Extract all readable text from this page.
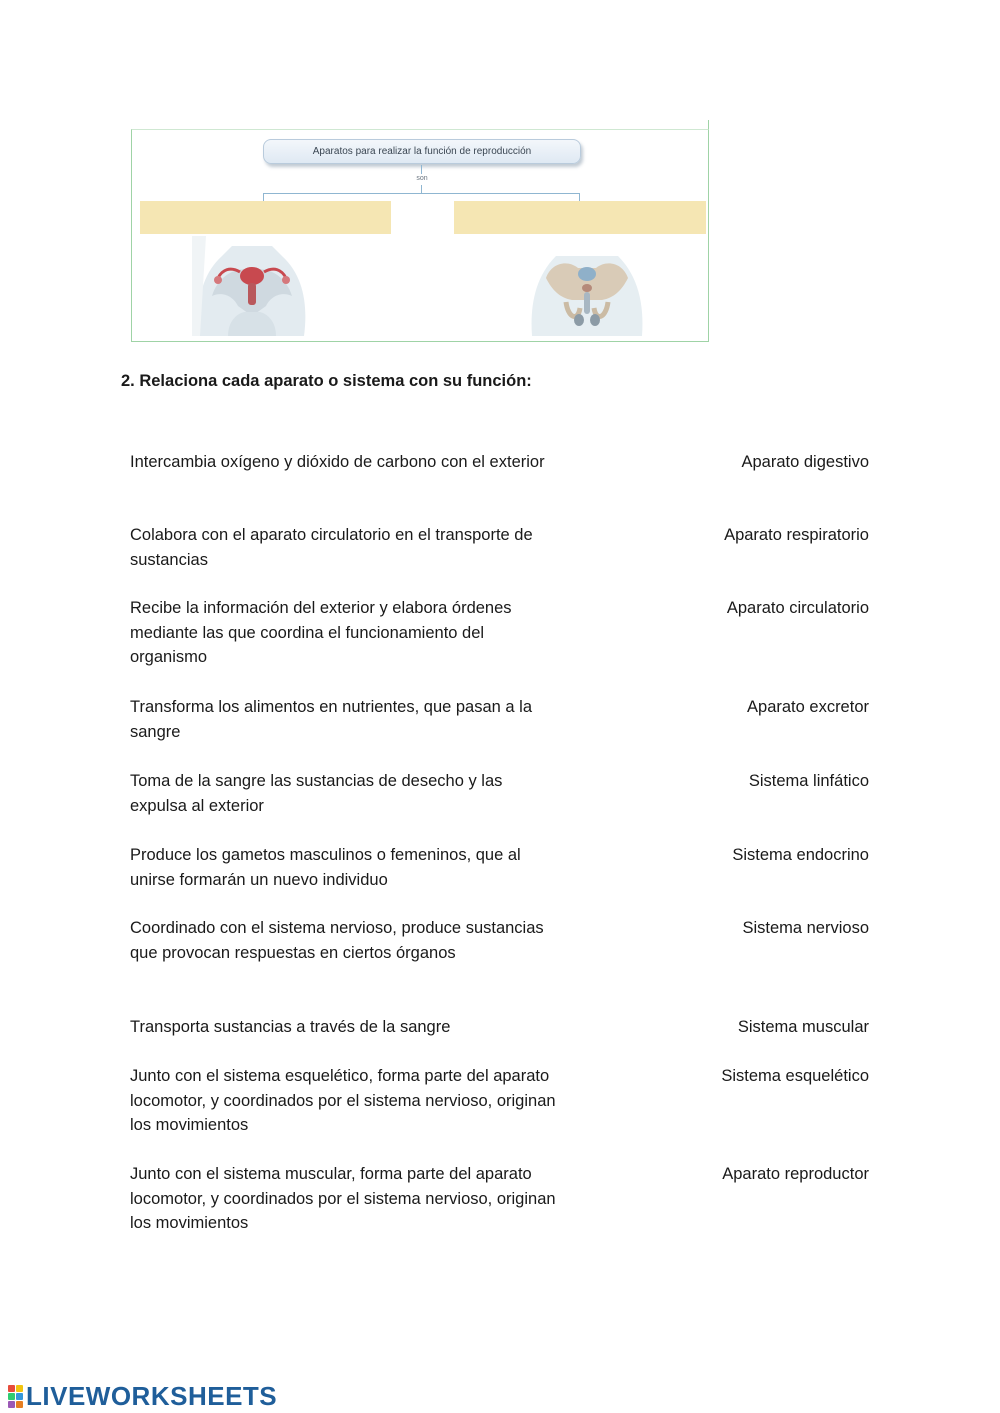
Aparatos para realizar la función de reproducción
son
2. Relaciona cada aparato o sistema con su función:
Intercambia oxígeno y dióxido de carbono con el exterior
Colabora con el aparato circulatorio en el transporte de sustancias
Recibe la información del exterior y elabora órdenes mediante las que coordina el funcionamiento del organismo
Transforma los alimentos en nutrientes, que pasan a la sangre
Toma de la sangre las sustancias de desecho y las expulsa al exterior
Produce los gametos masculinos o femeninos, que al unirse formarán un nuevo individuo
Coordinado con el sistema nervioso, produce sustancias que provocan respuestas en ciertos órganos
Transporta sustancias a través de la sangre
Junto con el sistema esquelético, forma parte del aparato locomotor, y coordinados por el sistema nervioso, originan los movimientos
Junto con el sistema muscular, forma parte del aparato locomotor, y coordinados por el sistema nervioso, originan los movimientos
Aparato digestivo
Aparato respiratorio
Aparato circulatorio
Aparato excretor
Sistema linfático
Sistema endocrino
Sistema nervioso
Sistema muscular
Sistema esquelético
Aparato reproductor
LIVEWORKSHEETS
